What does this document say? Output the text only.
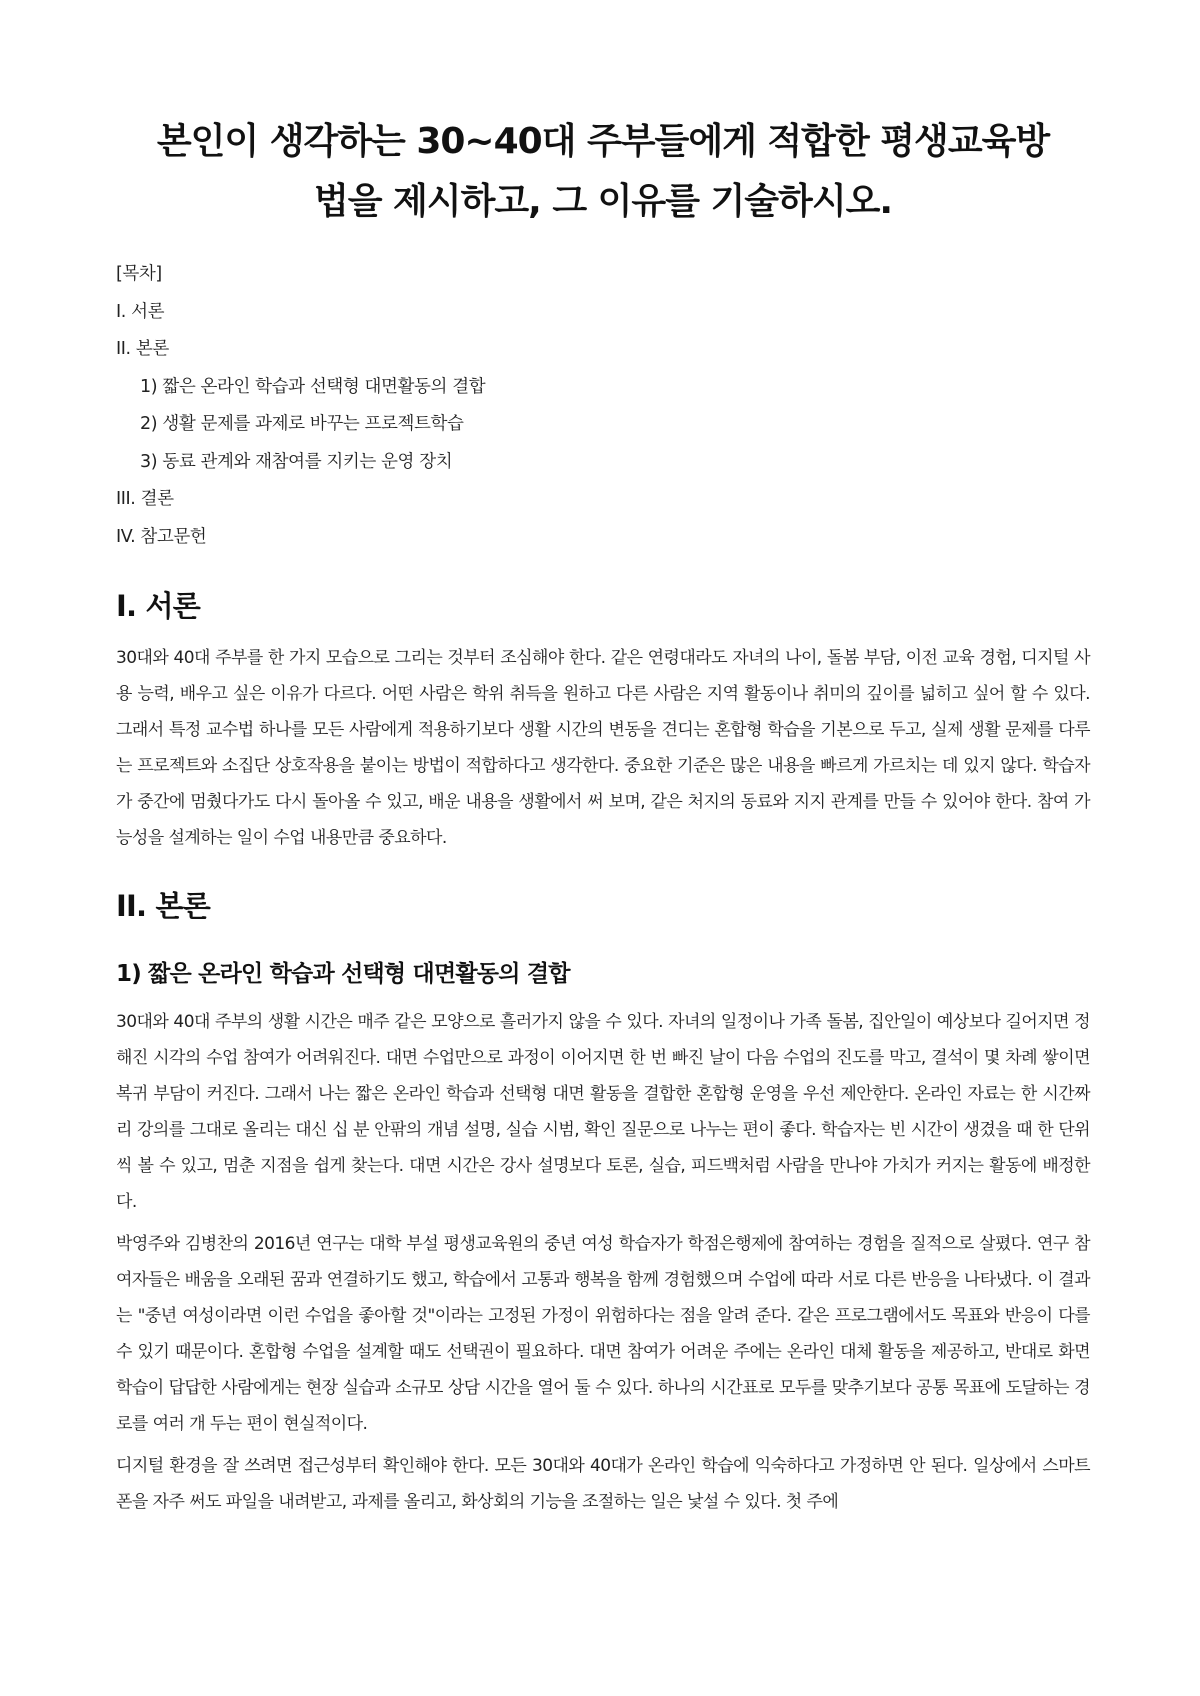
본인이 생각하는 30~40대 주부들에게 적합한 평생교육방법을 제시하고, 그 이유를 기술하시오.
[목차]
I. 서론
II. 본론
1) 짧은 온라인 학습과 선택형 대면활동의 결합
2) 생활 문제를 과제로 바꾸는 프로젝트학습
3) 동료 관계와 재참여를 지키는 운영 장치
III. 결론
IV. 참고문헌
I. 서론

30대와 40대 주부를 한 가지 모습으로 그리는 것부터 조심해야 한다. 같은 연령대라도 자녀의 나이, 돌봄 부담, 이전 교육 경험, 디지털 사용 능력, 배우고 싶은 이유가 다르다. 어떤 사람은 학위 취득을 원하고 다른 사람은 지역 활동이나 취미의 깊이를 넓히고 싶어 할 수 있다. 그래서 특정 교수법 하나를 모든 사람에게 적용하기보다 생활 시간의 변동을 견디는 혼합형 학습을 기본으로 두고, 실제 생활 문제를 다루는 프로젝트와 소집단 상호작용을 붙이는 방법이 적합하다고 생각한다. 중요한 기준은 많은 내용을 빠르게 가르치는 데 있지 않다. 학습자가 중간에 멈췄다가도 다시 돌아올 수 있고, 배운 내용을 생활에서 써 보며, 같은 처지의 동료와 지지 관계를 만들 수 있어야 한다. 참여 가능성을 설계하는 일이 수업 내용만큼 중요하다.

II. 본론
1) 짧은 온라인 학습과 선택형 대면활동의 결합

30대와 40대 주부의 생활 시간은 매주 같은 모양으로 흘러가지 않을 수 있다. 자녀의 일정이나 가족 돌봄, 집안일이 예상보다 길어지면 정해진 시각의 수업 참여가 어려워진다. 대면 수업만으로 과정이 이어지면 한 번 빠진 날이 다음 수업의 진도를 막고, 결석이 몇 차례 쌓이면 복귀 부담이 커진다. 그래서 나는 짧은 온라인 학습과 선택형 대면 활동을 결합한 혼합형 운영을 우선 제안한다. 온라인 자료는 한 시간짜리 강의를 그대로 올리는 대신 십 분 안팎의 개념 설명, 실습 시범, 확인 질문으로 나누는 편이 좋다. 학습자는 빈 시간이 생겼을 때 한 단위씩 볼 수 있고, 멈춘 지점을 쉽게 찾는다. 대면 시간은 강사 설명보다 토론, 실습, 피드백처럼 사람을 만나야 가치가 커지는 활동에 배정한다.

박영주와 김병찬의 2016년 연구는 대학 부설 평생교육원의 중년 여성 학습자가 학점은행제에 참여하는 경험을 질적으로 살폈다. 연구 참여자들은 배움을 오래된 꿈과 연결하기도 했고, 학습에서 고통과 행복을 함께 경험했으며 수업에 따라 서로 다른 반응을 나타냈다. 이 결과는 "중년 여성이라면 이런 수업을 좋아할 것"이라는 고정된 가정이 위험하다는 점을 알려 준다. 같은 프로그램에서도 목표와 반응이 다를 수 있기 때문이다. 혼합형 수업을 설계할 때도 선택권이 필요하다. 대면 참여가 어려운 주에는 온라인 대체 활동을 제공하고, 반대로 화면 학습이 답답한 사람에게는 현장 실습과 소규모 상담 시간을 열어 둘 수 있다. 하나의 시간표로 모두를 맞추기보다 공통 목표에 도달하는 경로를 여러 개 두는 편이 현실적이다.

디지털 환경을 잘 쓰려면 접근성부터 확인해야 한다. 모든 30대와 40대가 온라인 학습에 익숙하다고 가정하면 안 된다. 일상에서 스마트폰을 자주 써도 파일을 내려받고, 과제를 올리고, 화상회의 기능을 조절하는 일은 낯설 수 있다. 첫 주에
